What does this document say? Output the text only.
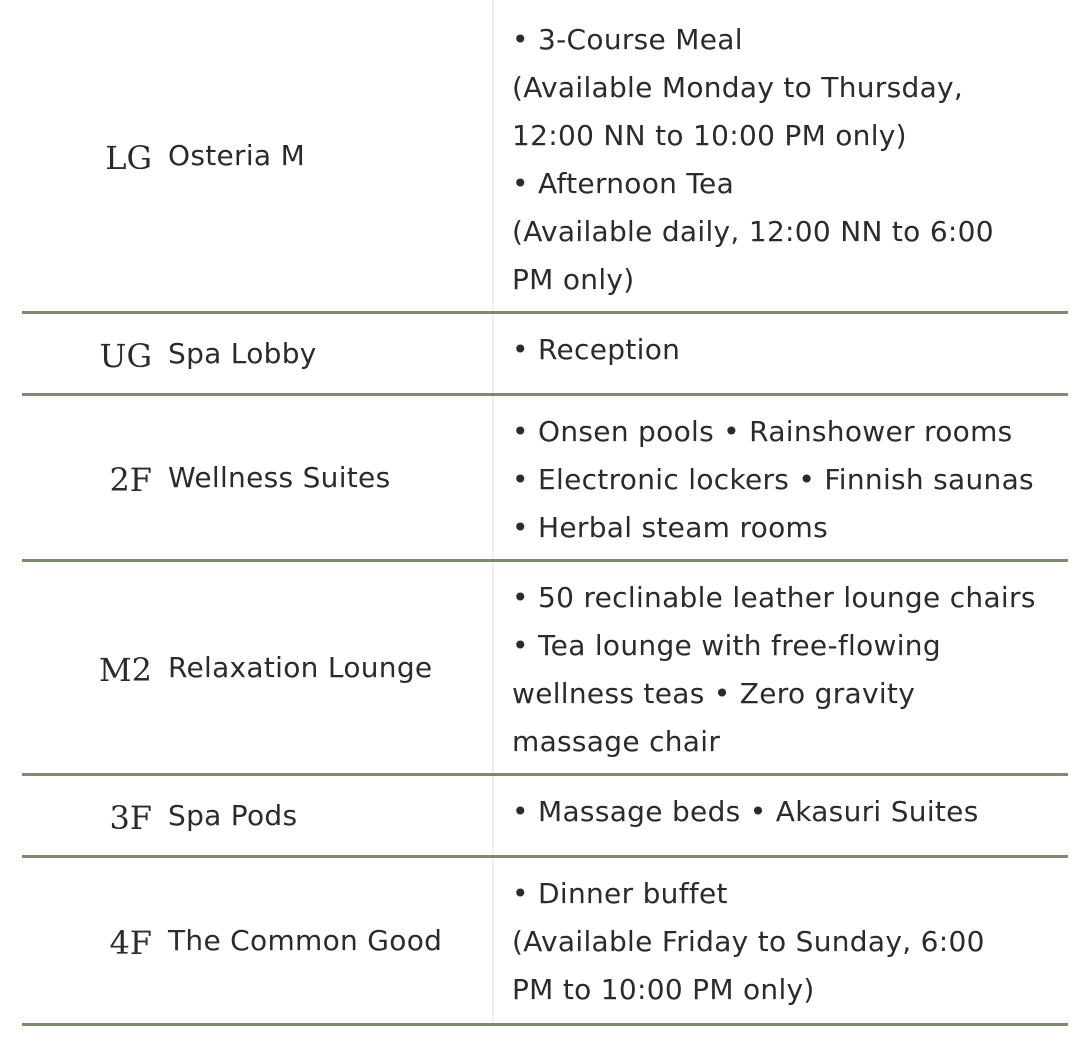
LG Osteria M
• 3-Course Meal
(Available Monday to Thursday,
12:00 NN to 10:00 PM only)
• Afternoon Tea
(Available daily, 12:00 NN to 6:00
PM only)
UG Spa Lobby	• Reception
2F Wellness Suites
• Onsen pools • Rainshower rooms
• Electronic lockers • Finnish saunas
• Herbal steam rooms
M2 Relaxation Lounge
• 50 reclinable leather lounge chairs
• Tea lounge with free-flowing
wellness teas • Zero gravity
massage chair
3F Spa Pods	• Massage beds • Akasuri Suites
4F The Common Good
• Dinner buffet
(Available Friday to Sunday, 6:00
PM to 10:00 PM only)
